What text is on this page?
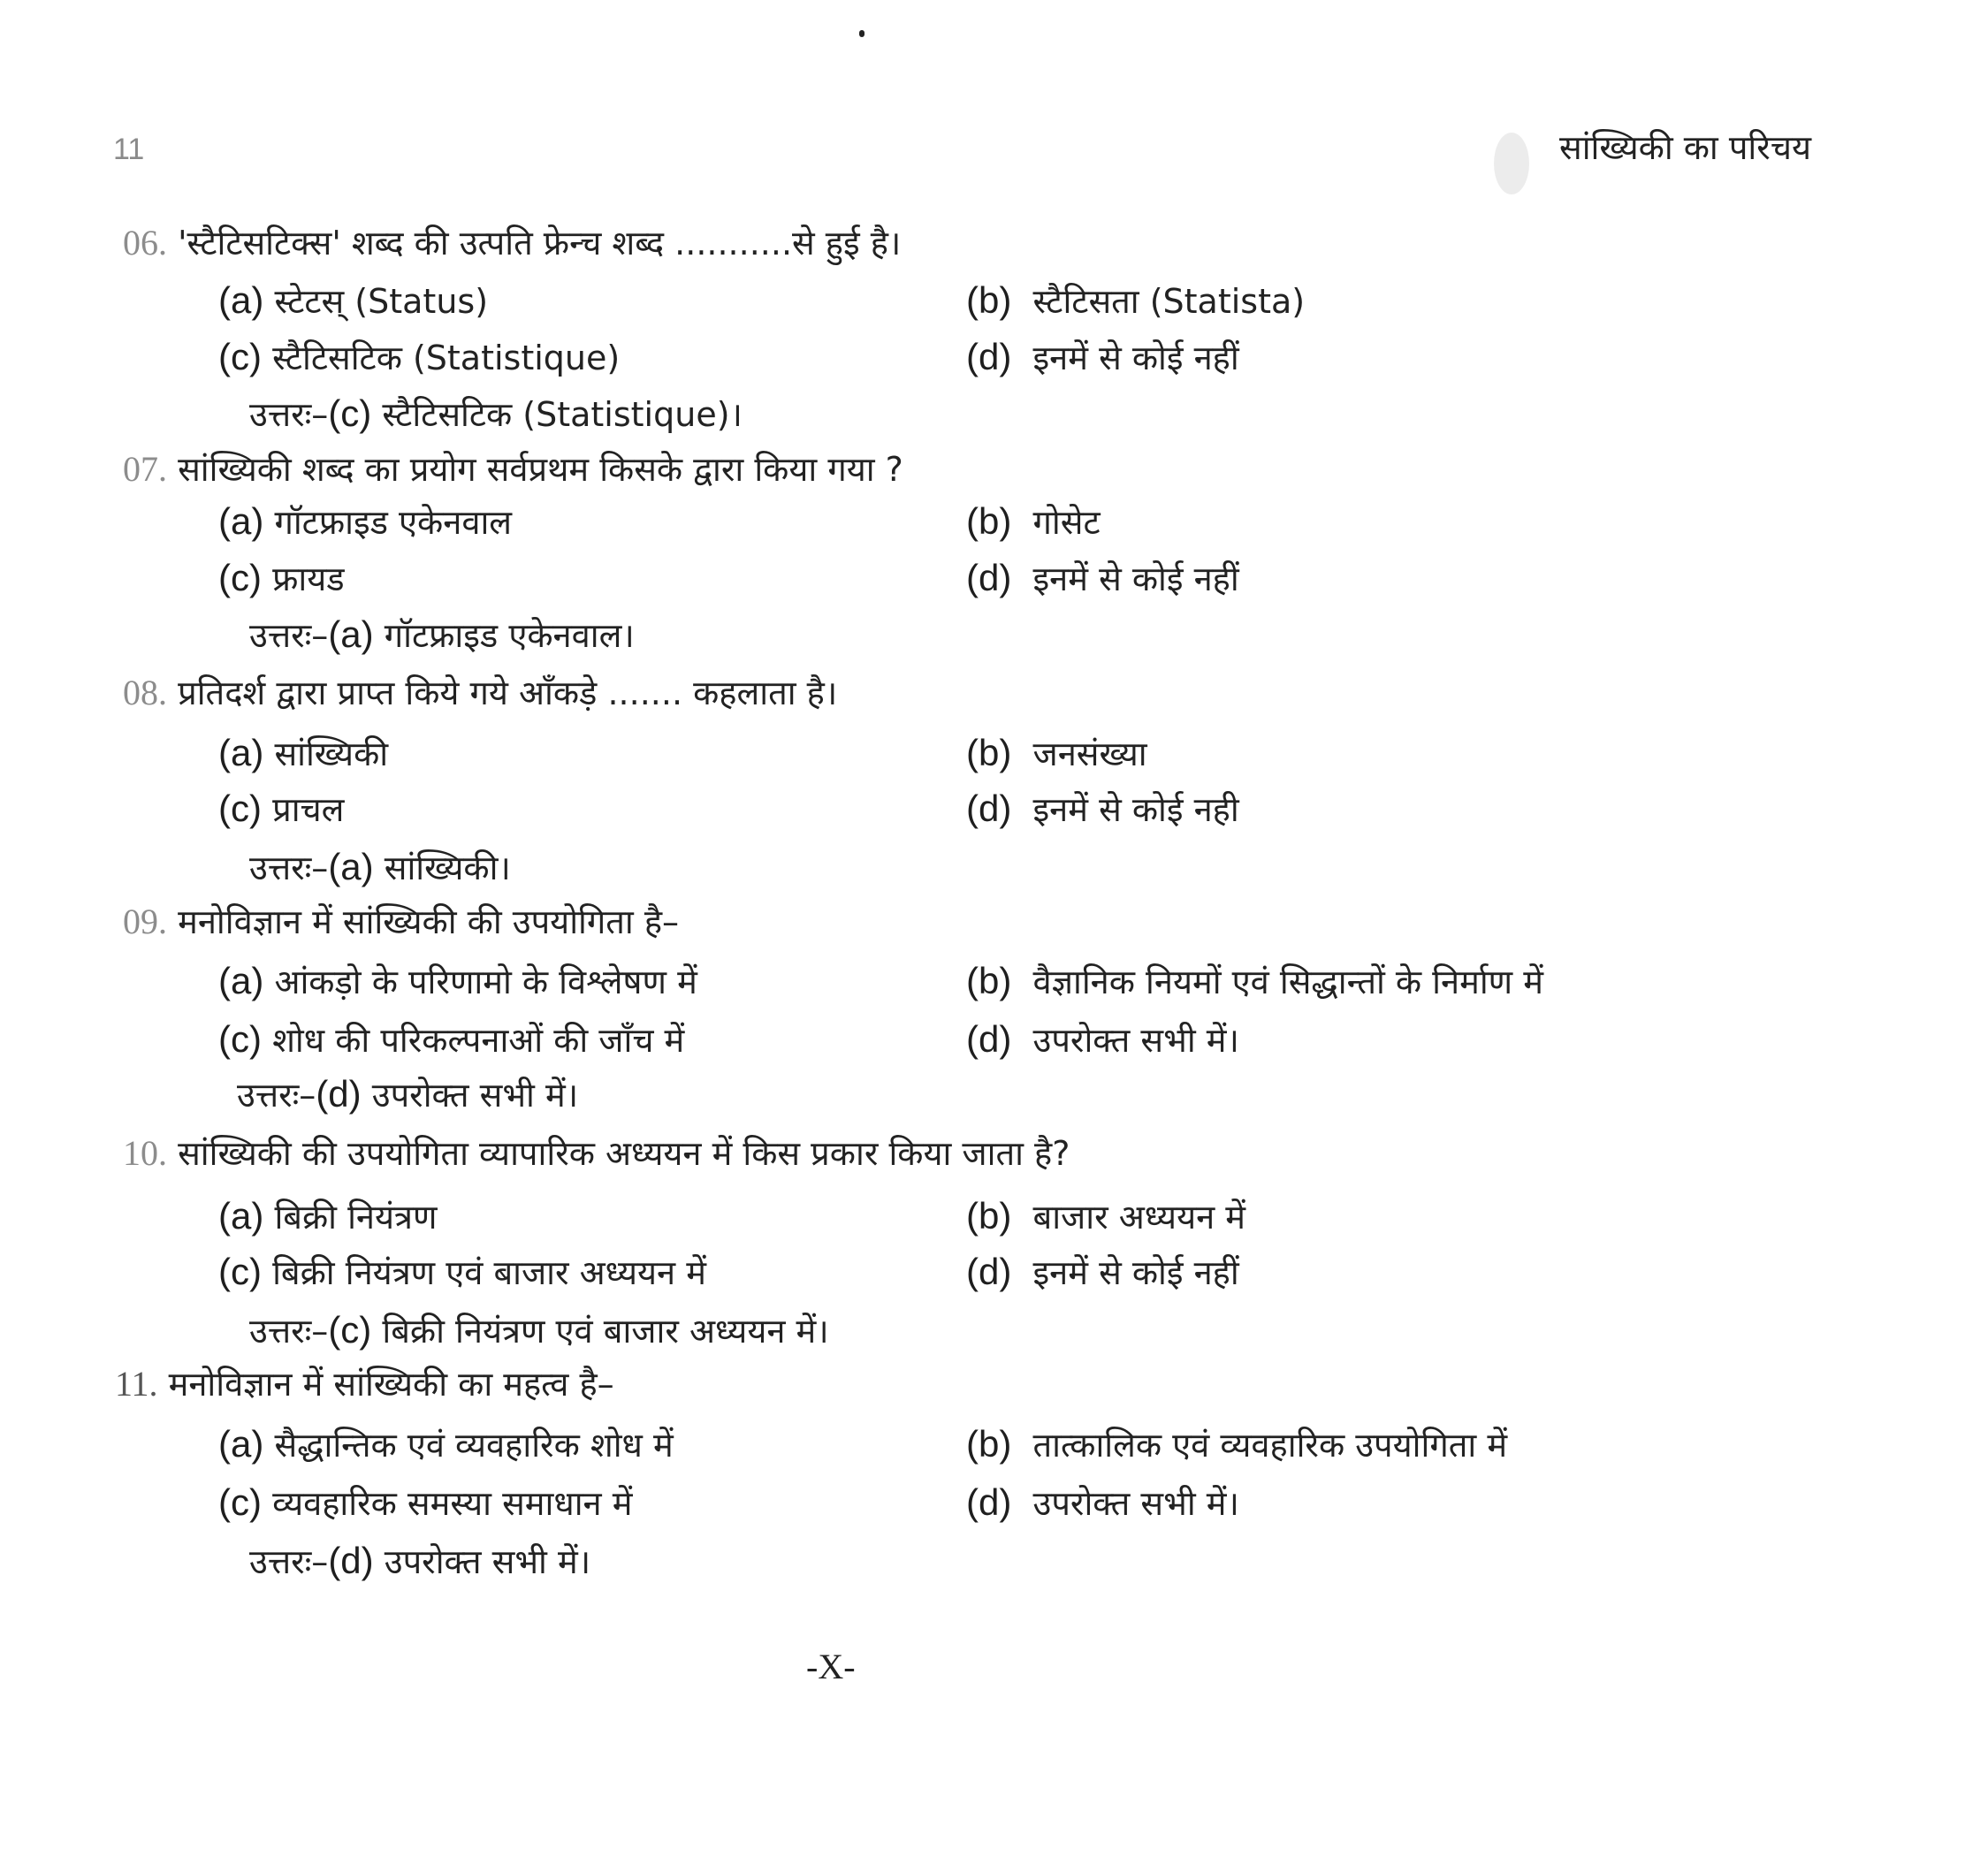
11	सांख्यिकी का परिचय
06. 'स्टैटिसटिक्स' शब्द की उत्पति फ्रेन्च शब्द ...........से हुई है।
(a) स्टेटस् (Status)	(b) स्टैटिसता (Statista)
(c) स्टैटिसटिक (Statistique)	(d) इनमें से कोई नहीं
उत्तरः–(c) स्टैटिसटिक (Statistique)।
07. सांख्यिकी शब्द का प्रयोग सर्वप्रथम किसके द्वारा किया गया ?
(a) गॉटफ्राइड एकेनवाल	(b) गोसेट
(c) फ्रायड	(d) इनमें से कोई नहीं
उत्तरः–(a) गॉटफ्राइड एकेनवाल।
08. प्रतिदर्श द्वारा प्राप्त किये गये आँकड़े ....... कहलाता है।
(a) सांख्यिकी	(b) जनसंख्या
(c) प्राचल	(d) इनमें से कोई नही
उत्तरः–(a) सांख्यिकी।
09. मनोविज्ञान में सांख्यिकी की उपयोगिता है–
(a) आंकड़ो के परिणामो के विश्लेषण में	(b) वैज्ञानिक नियमों एवं सिद्धान्तों के निर्माण में
(c) शोध की परिकल्पनाओं की जाँच में	(d) उपरोक्त सभी में।
उत्तरः–(d) उपरोक्त सभी में।
10. सांख्यिकी की उपयोगिता व्यापारिक अध्ययन में किस प्रकार किया जाता है?
(a) बिक्री नियंत्रण	(b) बाजार अध्ययन में
(c) बिक्री नियंत्रण एवं बाजार अध्ययन में	(d) इनमें से कोई नहीं
उत्तरः–(c) बिक्री नियंत्रण एवं बाजार अध्ययन में।
11. मनोविज्ञान में सांख्यिकी का महत्व है–
(a) सैद्धान्तिक एवं व्यवहारिक शोध में	(b) तात्कालिक एवं व्यवहारिक उपयोगिता में
(c) व्यवहारिक समस्या समाधान में	(d) उपरोक्त सभी में।
उत्तरः–(d) उपरोक्त सभी में।
-X-
